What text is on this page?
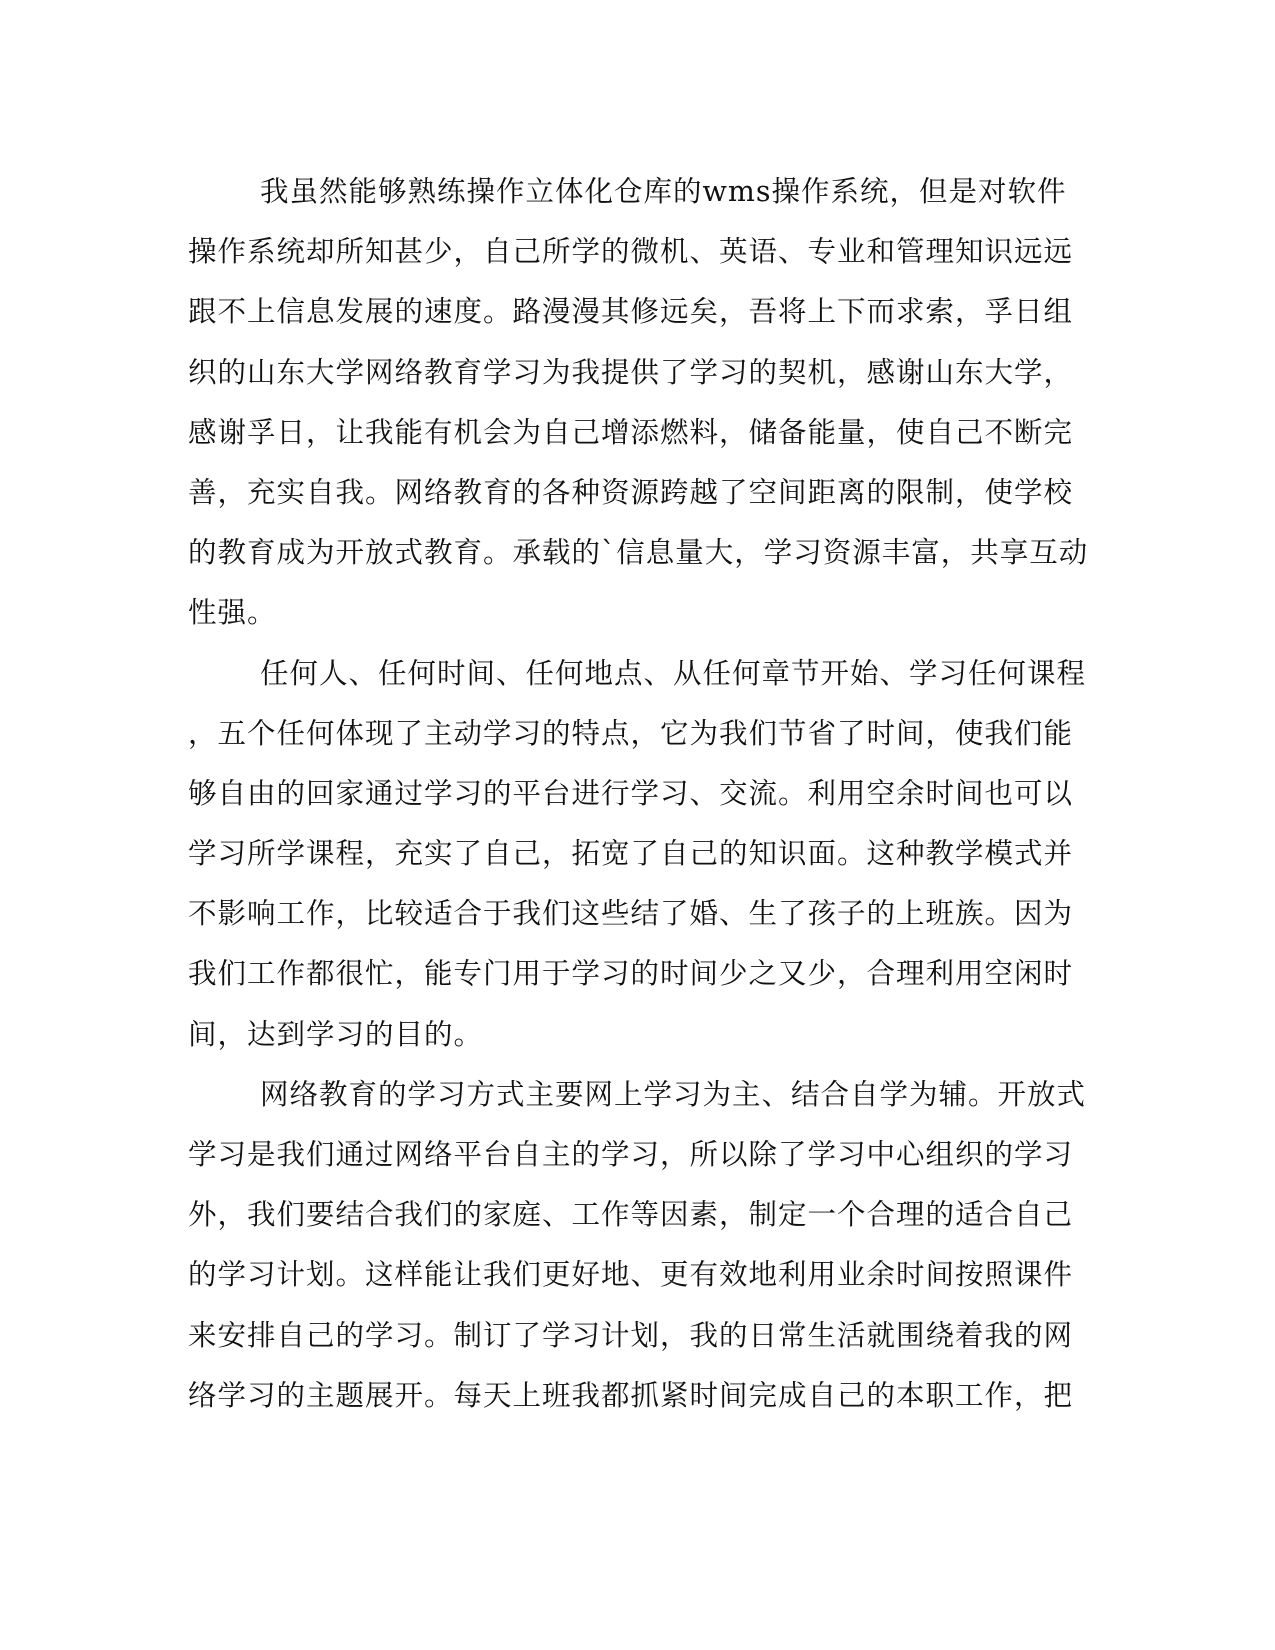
我虽然能够熟练操作立体化仓库的wms操作系统，但是对软件
操作系统却所知甚少，自己所学的微机、英语、专业和管理知识远远
跟不上信息发展的速度。路漫漫其修远矣，吾将上下而求索，孚日组
织的山东大学网络教育学习为我提供了学习的契机，感谢山东大学，
感谢孚日，让我能有机会为自己增添燃料，储备能量，使自己不断完
善，充实自我。网络教育的各种资源跨越了空间距离的限制，使学校
的教育成为开放式教育。承载的`信息量大，学习资源丰富，共享互动
性强。
任何人、任何时间、任何地点、从任何章节开始、学习任何课程
，五个任何体现了主动学习的特点，它为我们节省了时间，使我们能
够自由的回家通过学习的平台进行学习、交流。利用空余时间也可以
学习所学课程，充实了自己，拓宽了自己的知识面。这种教学模式并
不影响工作，比较适合于我们这些结了婚、生了孩子的上班族。因为
我们工作都很忙，能专门用于学习的时间少之又少，合理利用空闲时
间，达到学习的目的。
网络教育的学习方式主要网上学习为主、结合自学为辅。开放式
学习是我们通过网络平台自主的学习，所以除了学习中心组织的学习
外，我们要结合我们的家庭、工作等因素，制定一个合理的适合自己
的学习计划。这样能让我们更好地、更有效地利用业余时间按照课件
来安排自己的学习。制订了学习计划，我的日常生活就围绕着我的网
络学习的主题展开。每天上班我都抓紧时间完成自己的本职工作，把
